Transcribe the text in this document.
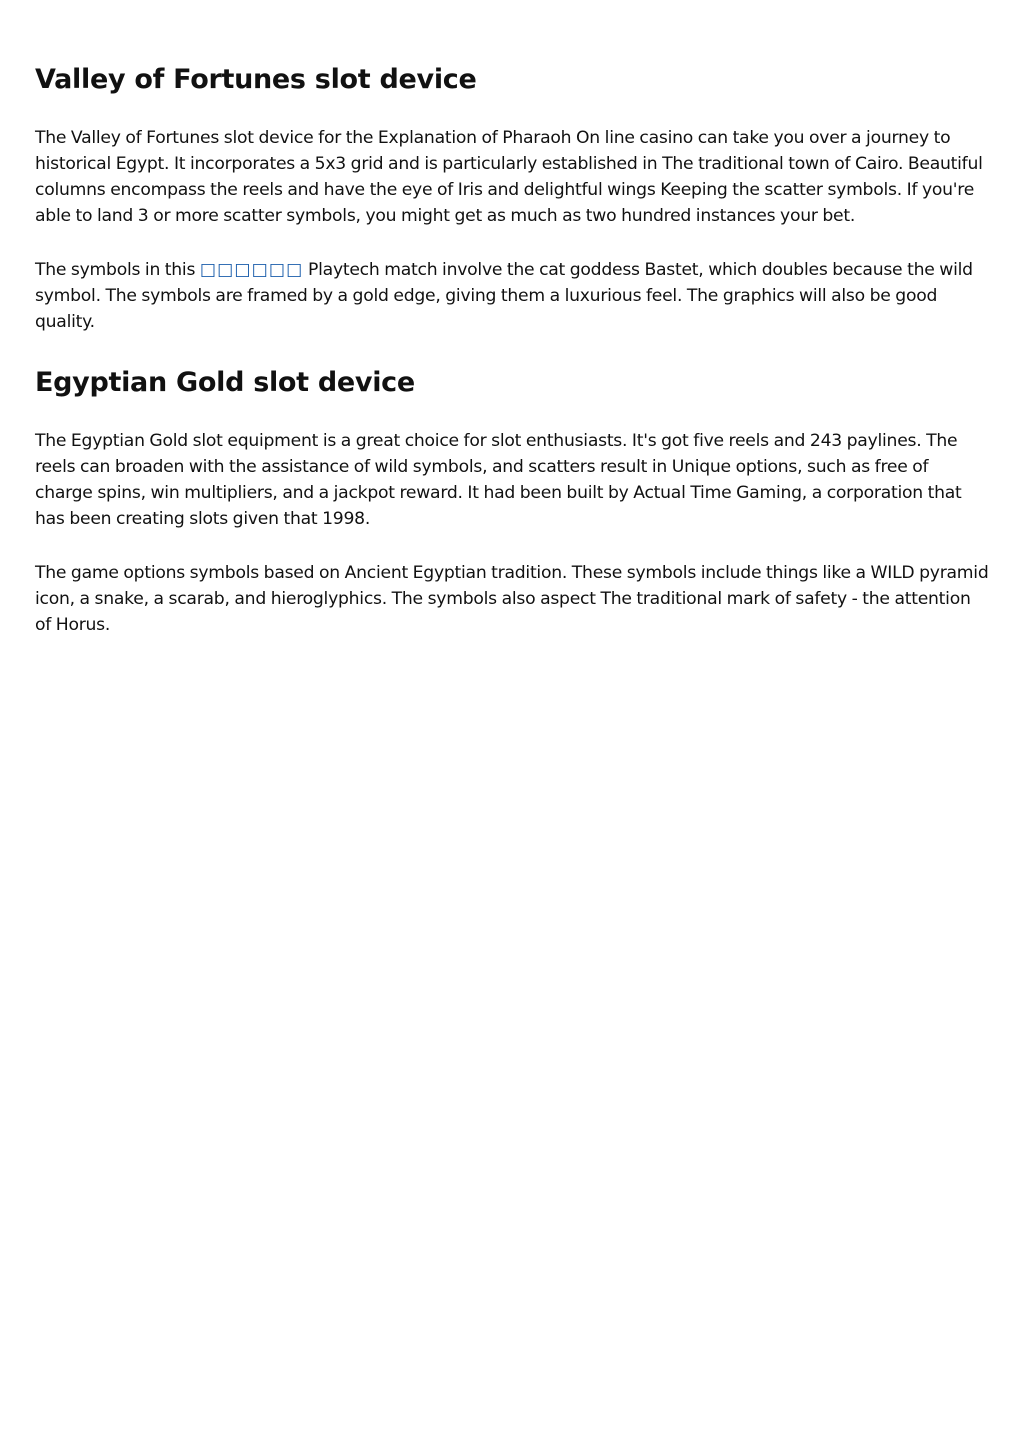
Valley of Fortunes slot device

The Valley of Fortunes slot device for the Explanation of Pharaoh On line casino can take you over a journey to historical Egypt. It incorporates a 5x3 grid and is particularly established in The traditional town of Cairo. Beautiful columns encompass the reels and have the eye of Iris and delightful wings Keeping the scatter symbols. If you're able to land 3 or more scatter symbols, you might get as much as two hundred instances your bet.

The symbols in this □□□□□□ Playtech match involve the cat goddess Bastet, which doubles because the wild symbol. The symbols are framed by a gold edge, giving them a luxurious feel. The graphics will also be good quality.

Egyptian Gold slot device

The Egyptian Gold slot equipment is a great choice for slot enthusiasts. It's got five reels and 243 paylines. The reels can broaden with the assistance of wild symbols, and scatters result in Unique options, such as free of charge spins, win multipliers, and a jackpot reward. It had been built by Actual Time Gaming, a corporation that has been creating slots given that 1998.

The game options symbols based on Ancient Egyptian tradition. These symbols include things like a WILD pyramid icon, a snake, a scarab, and hieroglyphics. The symbols also aspect The traditional mark of safety - the attention of Horus.
